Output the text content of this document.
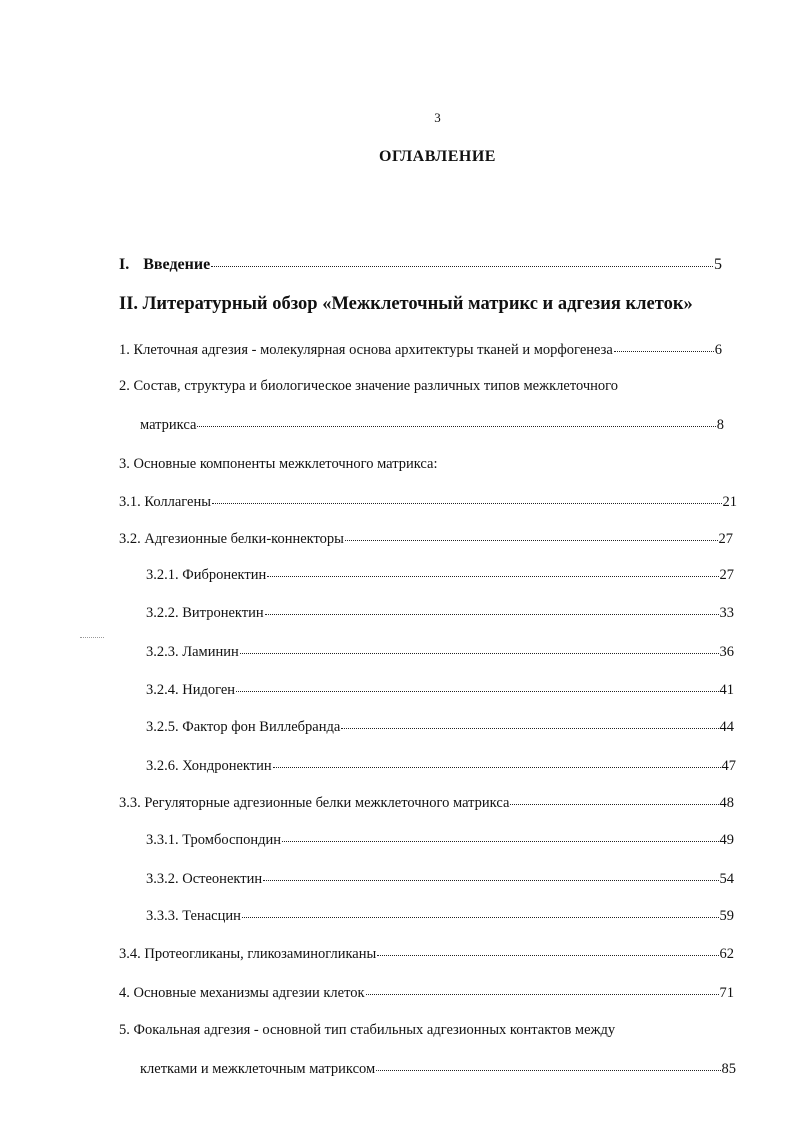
3
ОГЛАВЛЕНИЕ
I. Введение	5
II. Литературный обзор «Межклеточный матрикс и адгезия клеток»
1. Клеточная адгезия - молекулярная основа архитектуры тканей и морфогенеза	6
2. Состав, структура и биологическое значение различных типов межклеточного
матрикса	8
3. Основные компоненты межклеточного матрикса:
3.1. Коллагены	21
3.2. Адгезионные белки-коннекторы	27
3.2.1. Фибронектин	27
3.2.2. Витронектин	33
3.2.3. Ламинин	36
3.2.4. Нидоген	41
3.2.5. Фактор фон Виллебранда	44
3.2.6. Хондронектин	47
3.3. Регуляторные адгезионные белки межклеточного матрикса	48
3.3.1. Тромбоспондин	49
3.3.2. Остеонектин	54
3.3.3. Тенасцин	59
3.4. Протеогликаны, гликозаминогликаны	62
4. Основные механизмы адгезии клеток	71
5. Фокальная адгезия - основной тип стабильных адгезионных контактов между
клетками и межклеточным матриксом	85
